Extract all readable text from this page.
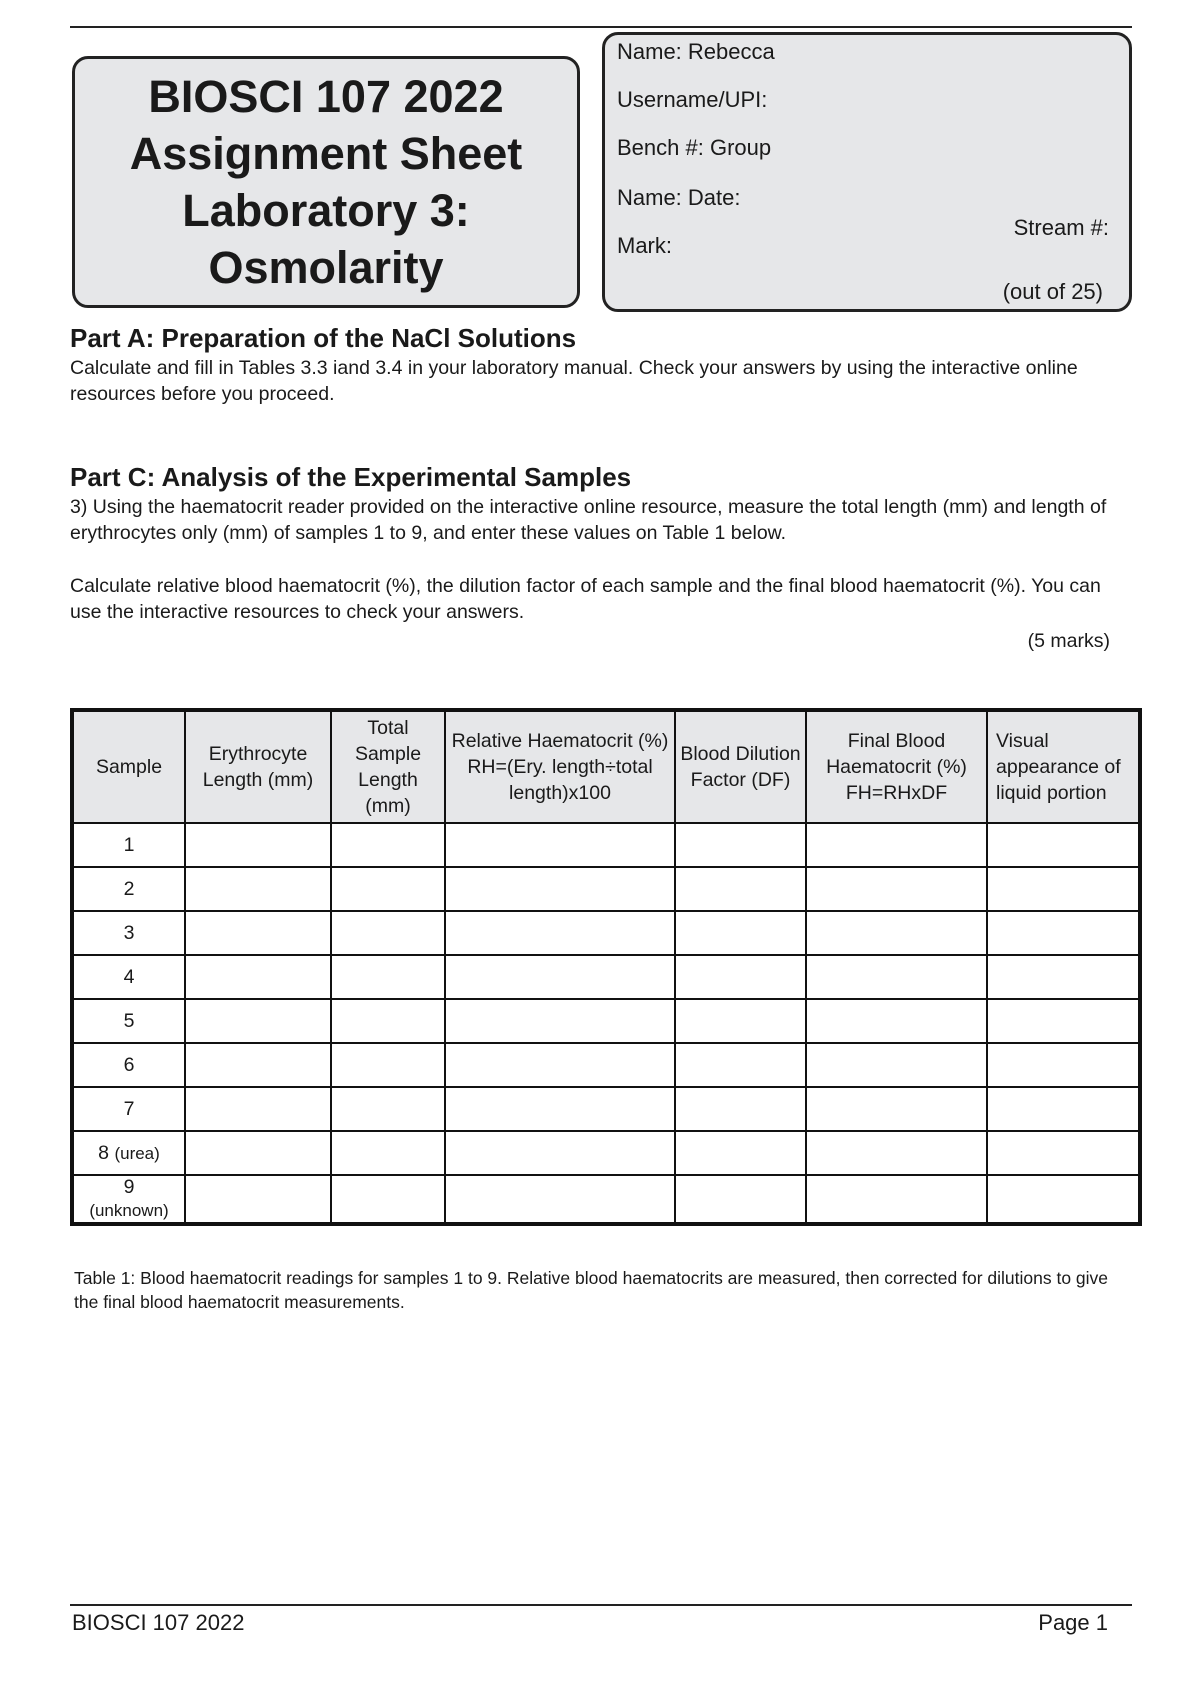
BIOSCI 107 2022
Assignment Sheet
Laboratory 3:
Osmolarity
Name: Rebecca
Username/UPI:
Bench #: Group
Name: Date:
Stream #:
Mark:
(out of 25)
Part A: Preparation of the NaCl Solutions
Calculate and fill in Tables 3.3 iand 3.4 in your laboratory manual. Check your answers by using the interactive online resources before you proceed.
Part C: Analysis of the Experimental Samples
3) Using the haematocrit reader provided on the interactive online resource, measure the total length (mm) and length of erythrocytes only (mm) of samples 1 to 9, and enter these values on Table 1 below.
Calculate relative blood haematocrit (%), the dilution factor of each sample and the final blood haematocrit (%). You can use the interactive resources to check your answers.
(5 marks)
Sample	Erythrocyte Length (mm)	Total Sample Length (mm)	Relative Haematocrit (%) RH=(Ery. length÷total length)x100	Blood Dilution Factor (DF)	Final Blood Haematocrit (%) FH=RHxDF	Visual appearance of liquid portion
1						
2						
3						
4						
5						
6						
7						
8 (urea)						
9
(unknown)						
Table 1: Blood haematocrit readings for samples 1 to 9. Relative blood haematocrits are measured, then corrected for dilutions to give the final blood haematocrit measurements.
BIOSCI 107 2022	Page 1
